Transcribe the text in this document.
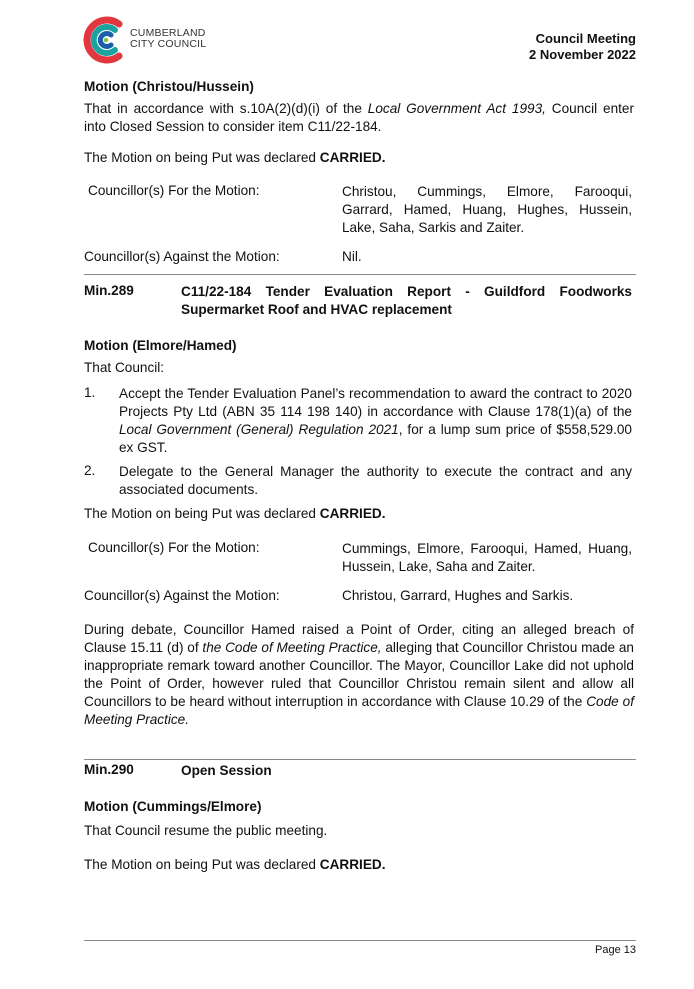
CUMBERLAND
CITY COUNCIL	Council Meeting
2 November 2022
Motion (Christou/Hussein)

That in accordance with s.10A(2)(d)(i) of the Local Government Act 1993, Council enter into Closed Session to consider item C11/22-184.

The Motion on being Put was declared CARRIED.

Councillor(s) For the Motion:	Christou, Cummings, Elmore, Farooqui, Garrard, Hamed, Huang, Hughes, Hussein, Lake, Saha, Sarkis and Zaiter.
Councillor(s) Against the Motion:	Nil.
Min.289	C11/22-184 Tender Evaluation Report - Guildford Foodworks Supermarket Roof and HVAC replacement
Motion (Elmore/Hamed)
That Council:
1. Accept the Tender Evaluation Panel’s recommendation to award the contract to 2020 Projects Pty Ltd (ABN 35 114 198 140) in accordance with Clause 178(1)(a) of the Local Government (General) Regulation 2021, for a lump sum price of $558,529.00 ex GST.

2. Delegate to the General Manager the authority to execute the contract and any associated documents.

The Motion on being Put was declared CARRIED.

Councillor(s) For the Motion:	Cummings, Elmore, Farooqui, Hamed, Huang, Hussein, Lake, Saha and Zaiter.
Councillor(s) Against the Motion:	Christou, Garrard, Hughes and Sarkis.

During debate, Councillor Hamed raised a Point of Order, citing an alleged breach of Clause 15.11 (d) of the Code of Meeting Practice, alleging that Councillor Christou made an inappropriate remark toward another Councillor. The Mayor, Councillor Lake did not uphold the Point of Order, however ruled that Councillor Christou remain silent and allow all Councillors to be heard without interruption in accordance with Clause 10.29 of the Code of Meeting Practice.

Min.290	Open Session
Motion (Cummings/Elmore)
That Council resume the public meeting.

The Motion on being Put was declared CARRIED.

Page 13
